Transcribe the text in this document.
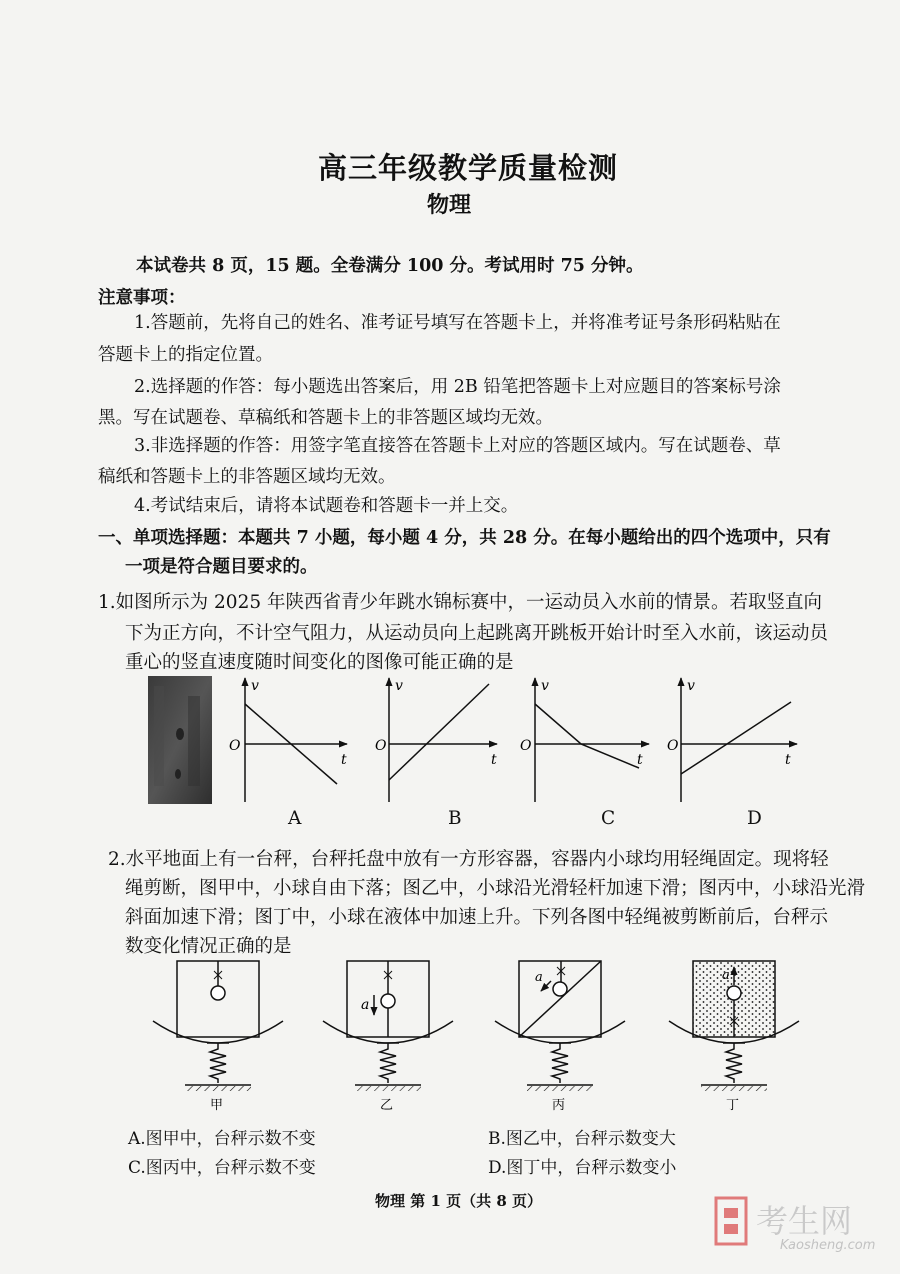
高三年级教学质量检测
物理
本试卷共 8 页，15 题。全卷满分 100 分。考试用时 75 分钟。
注意事项：
1.答题前，先将自己的姓名、准考证号填写在答题卡上，并将准考证号条形码粘贴在
答题卡上的指定位置。
2.选择题的作答：每小题选出答案后，用 2B 铅笔把答题卡上对应题目的答案标号涂
黑。写在试题卷、草稿纸和答题卡上的非答题区域均无效。
3.非选择题的作答：用签字笔直接答在答题卡上对应的答题区域内。写在试题卷、草
稿纸和答题卡上的非答题区域均无效。
4.考试结束后，请将本试题卷和答题卡一并上交。
一、单项选择题：本题共 7 小题，每小题 4 分，共 28 分。在每小题给出的四个选项中，只有
一项是符合题目要求的。
1.如图所示为 2025 年陕西省青少年跳水锦标赛中，一运动员入水前的情景。若取竖直向
下为正方向，不计空气阻力，从运动员向上起跳离开跳板开始计时至入水前，该运动员
重心的竖直速度随时间变化的图像可能正确的是
v
t
O
v
t
O
v
t
O
v
t
O
A	B	C	D
2.水平地面上有一台秤，台秤托盘中放有一方形容器，容器内小球均用轻绳固定。现将轻
绳剪断，图甲中，小球自由下落；图乙中，小球沿光滑轻杆加速下滑；图丙中，小球沿光滑
斜面加速下滑；图丁中，小球在液体中加速上升。下列各图中轻绳被剪断前后，台秤示
数变化情况正确的是
a
a	a
甲	乙	丙	丁
A.图甲中，台秤示数不变	B.图乙中，台秤示数变大
C.图丙中，台秤示数不变	D.图丁中，台秤示数变小
物理 第 1 页（共 8 页）
考生网
Kaosheng.com
